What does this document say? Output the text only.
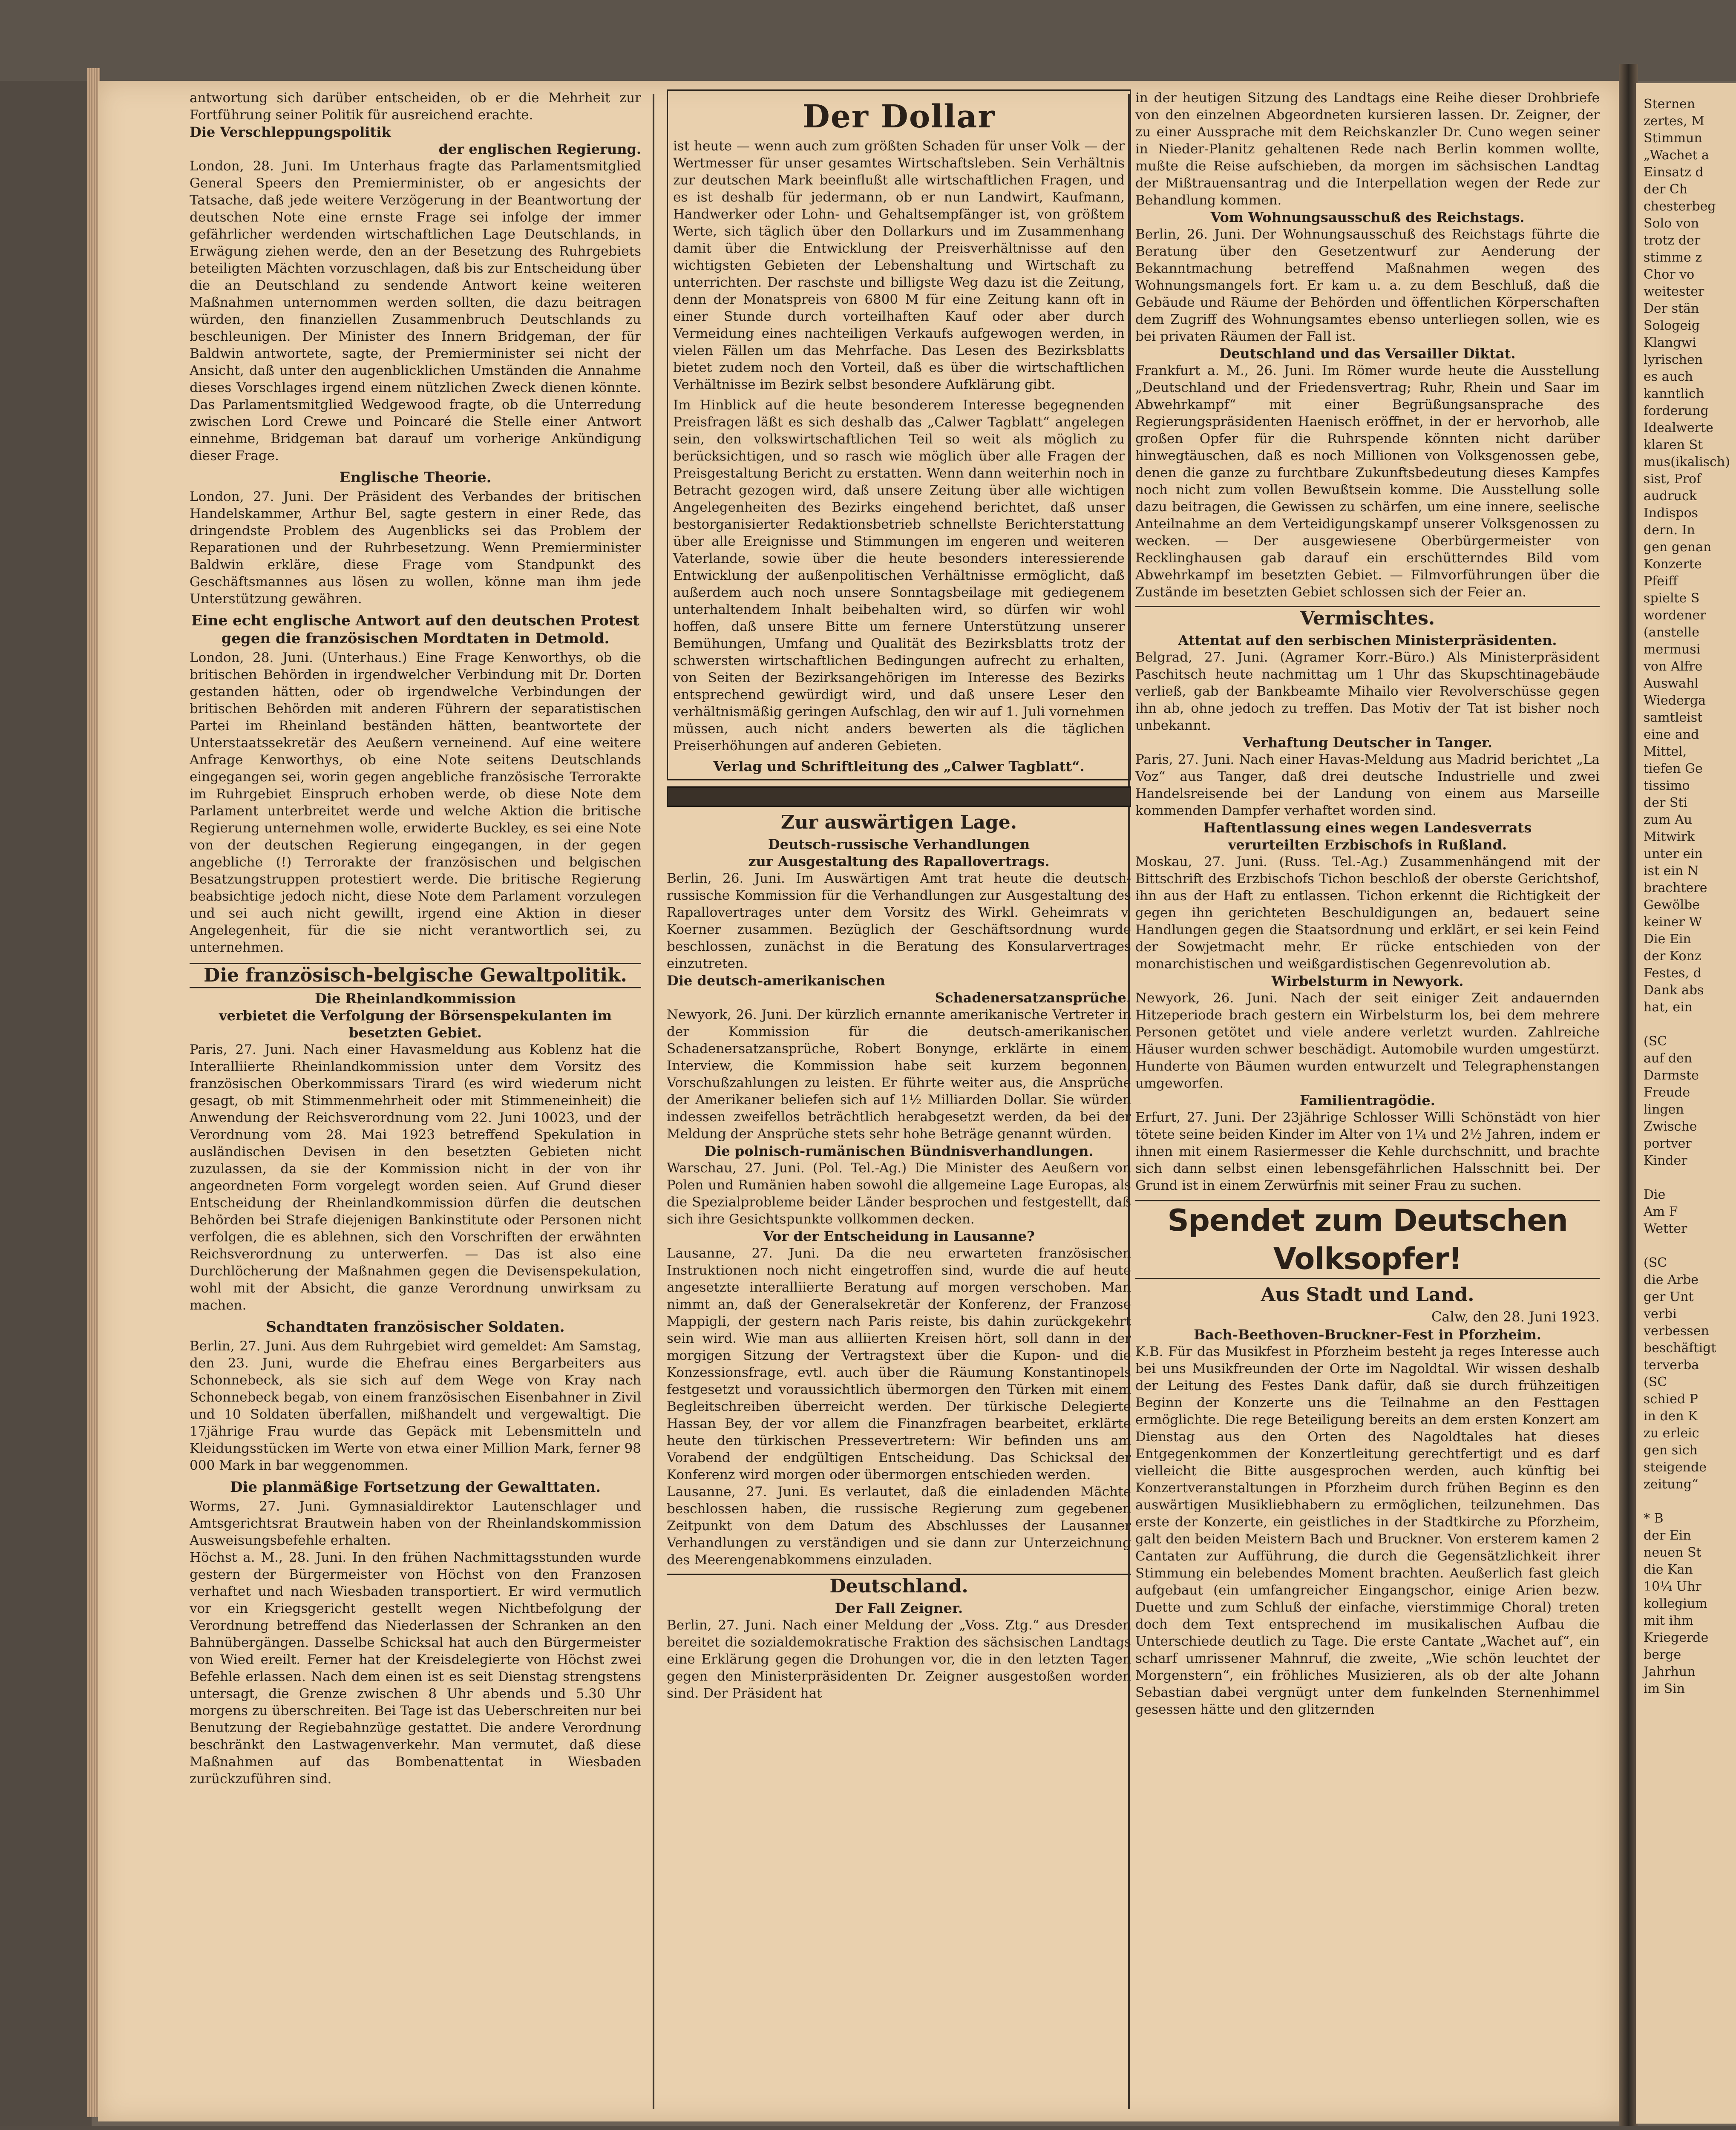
antwortung sich darüber entscheiden, ob er die Mehrheit zur Fortführung seiner Politik für ausreichend erachte.

Die Verschleppungspolitik
der englischen Regierung.

London, 28. Juni. Im Unterhaus fragte das Parlamentsmitglied General Speers den Premierminister, ob er angesichts der Tatsache, daß jede weitere Verzögerung in der Beantwortung der deutschen Note eine ernste Frage sei infolge der immer gefährlicher werdenden wirtschaftlichen Lage Deutschlands, in Erwägung ziehen werde, den an der Besetzung des Ruhrgebiets beteiligten Mächten vorzuschlagen, daß bis zur Entscheidung über die an Deutschland zu sendende Antwort keine weiteren Maßnahmen unternommen werden sollten, die dazu beitragen würden, den finanziellen Zusammenbruch Deutschlands zu beschleunigen. Der Minister des Innern Bridgeman, der für Baldwin antwortete, sagte, der Premierminister sei nicht der Ansicht, daß unter den augenblicklichen Umständen die Annahme dieses Vorschlages irgend einem nützlichen Zweck dienen könnte. Das Parlamentsmitglied Wedgewood fragte, ob die Unterredung zwischen Lord Crewe und Poincaré die Stelle einer Antwort einnehme, Bridgeman bat darauf um vorherige Ankündigung dieser Frage.

Englische Theorie.

London, 27. Juni. Der Präsident des Verbandes der britischen Handelskammer, Arthur Bel, sagte gestern in einer Rede, das dringendste Problem des Augenblicks sei das Problem der Reparationen und der Ruhrbesetzung. Wenn Premierminister Baldwin erkläre, diese Frage vom Standpunkt des Geschäftsmannes aus lösen zu wollen, könne man ihm jede Unterstützung gewähren.

Eine echt englische Antwort auf den deutschen Protest gegen die französischen Mordtaten in Detmold.

London, 28. Juni. (Unterhaus.) Eine Frage Kenworthys, ob die britischen Behörden in irgendwelcher Verbindung mit Dr. Dorten gestanden hätten, oder ob irgendwelche Verbindungen der britischen Behörden mit anderen Führern der separatistischen Partei im Rheinland beständen hätten, beantwortete der Unterstaatssekretär des Aeußern verneinend. Auf eine weitere Anfrage Kenworthys, ob eine Note seitens Deutschlands eingegangen sei, worin gegen angebliche französische Terrorakte im Ruhrgebiet Einspruch erhoben werde, ob diese Note dem Parlament unterbreitet werde und welche Aktion die britische Regierung unternehmen wolle, erwiderte Buckley, es sei eine Note von der deutschen Regierung eingegangen, in der gegen angebliche (!) Terrorakte der französischen und belgischen Besatzungstruppen protestiert werde. Die britische Regierung beabsichtige jedoch nicht, diese Note dem Parlament vorzulegen und sei auch nicht gewillt, irgend eine Aktion in dieser Angelegenheit, für die sie nicht verantwortlich sei, zu unternehmen.

Die französisch-belgische Gewaltpolitik.
Die Rheinlandkommission
verbietet die Verfolgung der Börsenspekulanten im besetzten Gebiet.

Paris, 27. Juni. Nach einer Havasmeldung aus Koblenz hat die Interalliierte Rheinlandkommission unter dem Vorsitz des französischen Oberkommissars Tirard (es wird wiederum nicht gesagt, ob mit Stimmenmehrheit oder mit Stimmeneinheit) die Anwendung der Reichsverordnung vom 22. Juni 10023, und der Verordnung vom 28. Mai 1923 betreffend Spekulation in ausländischen Devisen in den besetzten Gebieten nicht zuzulassen, da sie der Kommission nicht in der von ihr angeordneten Form vorgelegt worden seien. Auf Grund dieser Entscheidung der Rheinlandkommission dürfen die deutschen Behörden bei Strafe diejenigen Bankinstitute oder Personen nicht verfolgen, die es ablehnen, sich den Vorschriften der erwähnten Reichsverordnung zu unterwerfen. — Das ist also eine Durchlöcherung der Maßnahmen gegen die Devisenspekulation, wohl mit der Absicht, die ganze Verordnung unwirksam zu machen.

Schandtaten französischer Soldaten.

Berlin, 27. Juni. Aus dem Ruhrgebiet wird gemeldet: Am Samstag, den 23. Juni, wurde die Ehefrau eines Bergarbeiters aus Schonnebeck, als sie sich auf dem Wege von Kray nach Schonnebeck begab, von einem französischen Eisenbahner in Zivil und 10 Soldaten überfallen, mißhandelt und vergewaltigt. Die 17jährige Frau wurde das Gepäck mit Lebensmitteln und Kleidungsstücken im Werte von etwa einer Million Mark, ferner 98 000 Mark in bar weggenommen.

Die planmäßige Fortsetzung der Gewalttaten.

Worms, 27. Juni. Gymnasialdirektor Lautenschlager und Amtsgerichtsrat Brautwein haben von der Rheinlandskommission Ausweisungsbefehle erhalten.

Höchst a. M., 28. Juni. In den frühen Nachmittagsstunden wurde gestern der Bürgermeister von Höchst von den Franzosen verhaftet und nach Wiesbaden transportiert. Er wird vermutlich vor ein Kriegsgericht gestellt wegen Nichtbefolgung der Verordnung betreffend das Niederlassen der Schranken an den Bahnübergängen. Dasselbe Schicksal hat auch den Bürgermeister von Wied ereilt. Ferner hat der Kreisdelegierte von Höchst zwei Befehle erlassen. Nach dem einen ist es seit Dienstag strengstens untersagt, die Grenze zwischen 8 Uhr abends und 5.30 Uhr morgens zu überschreiten. Bei Tage ist das Ueberschreiten nur bei Benutzung der Regiebahnzüge gestattet. Die andere Verordnung beschränkt den Lastwagenverkehr. Man vermutet, daß diese Maßnahmen auf das Bombenattentat in Wiesbaden zurückzuführen sind.

Der Dollar

ist heute — wenn auch zum größten Schaden für unser Volk — der Wertmesser für unser gesamtes Wirtschaftsleben. Sein Verhältnis zur deutschen Mark beeinflußt alle wirtschaftlichen Fragen, und es ist deshalb für jedermann, ob er nun Landwirt, Kaufmann, Handwerker oder Lohn- und Gehaltsempfänger ist, von größtem Werte, sich täglich über den Dollarkurs und im Zusammenhang damit über die Entwicklung der Preisverhältnisse auf den wichtigsten Gebieten der Lebenshaltung und Wirtschaft zu unterrichten. Der raschste und billigste Weg dazu ist die Zeitung, denn der Monatspreis von 6800 M für eine Zeitung kann oft in einer Stunde durch vorteilhaften Kauf oder aber durch Vermeidung eines nachteiligen Verkaufs aufgewogen werden, in vielen Fällen um das Mehrfache. Das Lesen des Bezirksblatts bietet zudem noch den Vorteil, daß es über die wirtschaftlichen Verhältnisse im Bezirk selbst besondere Aufklärung gibt.

Im Hinblick auf die heute besonderem Interesse begegnenden Preisfragen läßt es sich deshalb das „Calwer Tagblatt“ angelegen sein, den volkswirtschaftlichen Teil so weit als möglich zu berücksichtigen, und so rasch wie möglich über alle Fragen der Preisgestaltung Bericht zu erstatten. Wenn dann weiterhin noch in Betracht gezogen wird, daß unsere Zeitung über alle wichtigen Angelegenheiten des Bezirks eingehend berichtet, daß unser bestorganisierter Redaktionsbetrieb schnellste Berichterstattung über alle Ereignisse und Stimmungen im engeren und weiteren Vaterlande, sowie über die heute besonders interessierende Entwicklung der außenpolitischen Verhältnisse ermöglicht, daß außerdem auch noch unsere Sonntagsbeilage mit gediegenem unterhaltendem Inhalt beibehalten wird, so dürfen wir wohl hoffen, daß unsere Bitte um fernere Unterstützung unserer Bemühungen, Umfang und Qualität des Bezirksblatts trotz der schwersten wirtschaftlichen Bedingungen aufrecht zu erhalten, von Seiten der Bezirksangehörigen im Interesse des Bezirks entsprechend gewürdigt wird, und daß unsere Leser den verhältnismäßig geringen Aufschlag, den wir auf 1. Juli vornehmen müssen, auch nicht anders bewerten als die täglichen Preiserhöhungen auf anderen Gebieten.

Verlag und Schriftleitung des „Calwer Tagblatt“.
Zur auswärtigen Lage.
Deutsch-russische Verhandlungen
zur Ausgestaltung des Rapallovertrags.

Berlin, 26. Juni. Im Auswärtigen Amt trat heute die deutsch-russische Kommission für die Verhandlungen zur Ausgestaltung des Rapallovertrages unter dem Vorsitz des Wirkl. Geheimrats v. Koerner zusammen. Bezüglich der Geschäftsordnung wurde beschlossen, zunächst in die Beratung des Konsularvertrages einzutreten.

Die deutsch-amerikanischen
Schadenersatzansprüche.

Newyork, 26. Juni. Der kürzlich ernannte amerikanische Vertreter in der Kommission für die deutsch-amerikanischen Schadenersatzansprüche, Robert Bonynge, erklärte in einem Interview, die Kommission habe seit kurzem begonnen, Vorschußzahlungen zu leisten. Er führte weiter aus, die Ansprüche der Amerikaner beliefen sich auf 1½ Milliarden Dollar. Sie würden indessen zweifellos beträchtlich herabgesetzt werden, da bei der Meldung der Ansprüche stets sehr hohe Beträge genannt würden.

Die polnisch-rumänischen Bündnisverhandlungen.

Warschau, 27. Juni. (Pol. Tel.-Ag.) Die Minister des Aeußern von Polen und Rumänien haben sowohl die allgemeine Lage Europas, als die Spezialprobleme beider Länder besprochen und festgestellt, daß sich ihre Gesichtspunkte vollkommen decken.

Vor der Entscheidung in Lausanne?

Lausanne, 27. Juni. Da die neu erwarteten französischen Instruktionen noch nicht eingetroffen sind, wurde die auf heute angesetzte interalliierte Beratung auf morgen verschoben. Man nimmt an, daß der Generalsekretär der Konferenz, der Franzose Mappigli, der gestern nach Paris reiste, bis dahin zurückgekehrt sein wird. Wie man aus alliierten Kreisen hört, soll dann in der morgigen Sitzung der Vertragstext über die Kupon- und die Konzessionsfrage, evtl. auch über die Räumung Konstantinopels festgesetzt und voraussichtlich übermorgen den Türken mit einem Begleitschreiben überreicht werden. Der türkische Delegierte Hassan Bey, der vor allem die Finanzfragen bearbeitet, erklärte heute den türkischen Pressevertretern: Wir befinden uns am Vorabend der endgültigen Entscheidung. Das Schicksal der Konferenz wird morgen oder übermorgen entschieden werden.

Lausanne, 27. Juni. Es verlautet, daß die einladenden Mächte beschlossen haben, die russische Regierung zum gegebenen Zeitpunkt von dem Datum des Abschlusses der Lausanner Verhandlungen zu verständigen und sie dann zur Unterzeichnung des Meerengenabkommens einzuladen.

Deutschland.
Der Fall Zeigner.

Berlin, 27. Juni. Nach einer Meldung der „Voss. Ztg.“ aus Dresden bereitet die sozialdemokratische Fraktion des sächsischen Landtags eine Erklärung gegen die Drohungen vor, die in den letzten Tagen gegen den Ministerpräsidenten Dr. Zeigner ausgestoßen worden sind. Der Präsident hat

in der heutigen Sitzung des Landtags eine Reihe dieser Drohbriefe von den einzelnen Abgeordneten kursieren lassen. Dr. Zeigner, der zu einer Aussprache mit dem Reichskanzler Dr. Cuno wegen seiner in Nieder-Planitz gehaltenen Rede nach Berlin kommen wollte, mußte die Reise aufschieben, da morgen im sächsischen Landtag der Mißtrauensantrag und die Interpellation wegen der Rede zur Behandlung kommen.

Vom Wohnungsausschuß des Reichstags.

Berlin, 26. Juni. Der Wohnungsausschuß des Reichstags führte die Beratung über den Gesetzentwurf zur Aenderung der Bekanntmachung betreffend Maßnahmen wegen des Wohnungsmangels fort. Er kam u. a. zu dem Beschluß, daß die Gebäude und Räume der Behörden und öffentlichen Körperschaften dem Zugriff des Wohnungsamtes ebenso unterliegen sollen, wie es bei privaten Räumen der Fall ist.

Deutschland und das Versailler Diktat.

Frankfurt a. M., 26. Juni. Im Römer wurde heute die Ausstellung „Deutschland und der Friedensvertrag; Ruhr, Rhein und Saar im Abwehrkampf“ mit einer Begrüßungsansprache des Regierungspräsidenten Haenisch eröffnet, in der er hervorhob, alle großen Opfer für die Ruhrspende könnten nicht darüber hinwegtäuschen, daß es noch Millionen von Volksgenossen gebe, denen die ganze zu furchtbare Zukunftsbedeutung dieses Kampfes noch nicht zum vollen Bewußtsein komme. Die Ausstellung solle dazu beitragen, die Gewissen zu schärfen, um eine innere, seelische Anteilnahme an dem Verteidigungskampf unserer Volksgenossen zu wecken. — Der ausgewiesene Oberbürgermeister von Recklinghausen gab darauf ein erschütterndes Bild vom Abwehrkampf im besetzten Gebiet. — Filmvorführungen über die Zustände im besetzten Gebiet schlossen sich der Feier an.

Vermischtes.
Attentat auf den serbischen Ministerpräsidenten.

Belgrad, 27. Juni. (Agramer Korr.-Büro.) Als Ministerpräsident Paschitsch heute nachmittag um 1 Uhr das Skupschtinagebäude verließ, gab der Bankbeamte Mihailo vier Revolverschüsse gegen ihn ab, ohne jedoch zu treffen. Das Motiv der Tat ist bisher noch unbekannt.

Verhaftung Deutscher in Tanger.

Paris, 27. Juni. Nach einer Havas-Meldung aus Madrid berichtet „La Voz“ aus Tanger, daß drei deutsche Industrielle und zwei Handelsreisende bei der Landung von einem aus Marseille kommenden Dampfer verhaftet worden sind.

Haftentlassung eines wegen Landesverrats
verurteilten Erzbischofs in Rußland.

Moskau, 27. Juni. (Russ. Tel.-Ag.) Zusammenhängend mit der Bittschrift des Erzbischofs Tichon beschloß der oberste Gerichtshof, ihn aus der Haft zu entlassen. Tichon erkennt die Richtigkeit der gegen ihn gerichteten Beschuldigungen an, bedauert seine Handlungen gegen die Staatsordnung und erklärt, er sei kein Feind der Sowjetmacht mehr. Er rücke entschieden von der monarchistischen und weißgardistischen Gegenrevolution ab.

Wirbelsturm in Newyork.

Newyork, 26. Juni. Nach der seit einiger Zeit andauernden Hitzeperiode brach gestern ein Wirbelsturm los, bei dem mehrere Personen getötet und viele andere verletzt wurden. Zahlreiche Häuser wurden schwer beschädigt. Automobile wurden umgestürzt. Hunderte von Bäumen wurden entwurzelt und Telegraphenstangen umgeworfen.

Familientragödie.

Erfurt, 27. Juni. Der 23jährige Schlosser Willi Schönstädt von hier tötete seine beiden Kinder im Alter von 1¼ und 2½ Jahren, indem er ihnen mit einem Rasiermesser die Kehle durchschnitt, und brachte sich dann selbst einen lebensgefährlichen Halsschnitt bei. Der Grund ist in einem Zerwürfnis mit seiner Frau zu suchen.

Spendet zum Deutschen Volksopfer!
Aus Stadt und Land.
Calw, den 28. Juni 1923.
Bach-Beethoven-Bruckner-Fest in Pforzheim.

K.B. Für das Musikfest in Pforzheim besteht ja reges Interesse auch bei uns Musikfreunden der Orte im Nagoldtal. Wir wissen deshalb der Leitung des Festes Dank dafür, daß sie durch frühzeitigen Beginn der Konzerte uns die Teilnahme an den Festtagen ermöglichte. Die rege Beteiligung bereits an dem ersten Konzert am Dienstag aus den Orten des Nagoldtales hat dieses Entgegenkommen der Konzertleitung gerechtfertigt und es darf vielleicht die Bitte ausgesprochen werden, auch künftig bei Konzertveranstaltungen in Pforzheim durch frühen Beginn es den auswärtigen Musikliebhabern zu ermöglichen, teilzunehmen. Das erste der Konzerte, ein geistliches in der Stadtkirche zu Pforzheim, galt den beiden Meistern Bach und Bruckner. Von ersterem kamen 2 Cantaten zur Aufführung, die durch die Gegensätzlichkeit ihrer Stimmung ein belebendes Moment brachten. Aeußerlich fast gleich aufgebaut (ein umfangreicher Eingangschor, einige Arien bezw. Duette und zum Schluß der einfache, vierstimmige Choral) treten doch dem Text entsprechend im musikalischen Aufbau die Unterschiede deutlich zu Tage. Die erste Cantate „Wachet auf“, ein scharf umrissener Mahnruf, die zweite, „Wie schön leuchtet der Morgenstern“, ein fröhliches Musizieren, als ob der alte Johann Sebastian dabei vergnügt unter dem funkelnden Sternenhimmel gesessen hätte und den glitzernden

Sternen
zertes, M
Stimmun
„Wachet a
Einsatz d
der Ch
chesterbeg
Solo von
trotz der
stimme z
Chor vo
weitester
Der stän
Sologeig
Klangwi
lyrischen
es auch
kanntlich
forderung
Idealwerte
klaren St
mus(ikalisch)
sist, Prof
audruck
Indispos
dern. In
gen genan
Konzerte
Pfeiff
spielte S
wordener
(anstelle
mermusi
von Alfre
Auswahl
Wiederga
samtleist
eine and
Mittel,
tiefen Ge
tissimo
der Sti
zum Au
Mitwirk
unter ein
ist ein N
brachtere
Gewölbe
keiner W
Die Ein
der Konz
Festes, d
Dank abs
hat, ein

(SC
auf den
Darmste
Freude
lingen
Zwische
portver
Kinder

Die
Am F
Wetter

(SC
die Arbe
ger Unt
verbi
verbessen
beschäftigt
terverba
(SC
schied P
in den K
zu erleic
gen sich
steigende
zeitung“

* B
der Ein
neuen St
die Kan
10¼ Uhr
kollegium
mit ihm
Kriegerde
berge
Jahrhun
im Sin
